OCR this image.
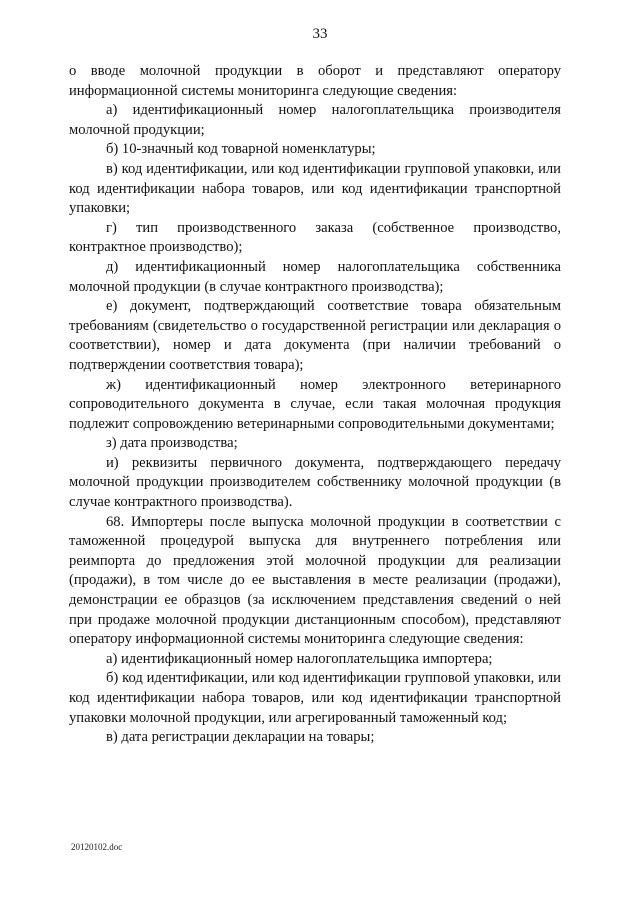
33

о вводе молочной продукции в оборот и представляют оператору информационной системы мониторинга следующие сведения:

а) идентификационный номер налогоплательщика производителя молочной продукции;

б) 10-значный код товарной номенклатуры;

в) код идентификации, или код идентификации групповой упаковки, или код идентификации набора товаров, или код идентификации транспортной упаковки;

г) тип производственного заказа (собственное производство, контрактное производство);

д) идентификационный номер налогоплательщика собственника молочной продукции (в случае контрактного производства);

е) документ, подтверждающий соответствие товара обязательным требованиям (свидетельство о государственной регистрации или декларация о соответствии), номер и дата документа (при наличии требований о подтверждении соответствия товара);

ж) идентификационный номер электронного ветеринарного сопроводительного документа в случае, если такая молочная продукция подлежит сопровождению ветеринарными сопроводительными документами;

з) дата производства;

и) реквизиты первичного документа, подтверждающего передачу молочной продукции производителем собственнику молочной продукции (в случае контрактного производства).

68. Импортеры после выпуска молочной продукции в соответствии с таможенной процедурой выпуска для внутреннего потребления или реимпорта до предложения этой молочной продукции для реализации (продажи), в том числе до ее выставления в месте реализации (продажи), демонстрации ее образцов (за исключением представления сведений о ней при продаже молочной продукции дистанционным способом), представляют оператору информационной системы мониторинга следующие сведения:

а) идентификационный номер налогоплательщика импортера;

б) код идентификации, или код идентификации групповой упаковки, или код идентификации набора товаров, или код идентификации транспортной упаковки молочной продукции, или агрегированный таможенный код;

в) дата регистрации декларации на товары;

20120102.doc
